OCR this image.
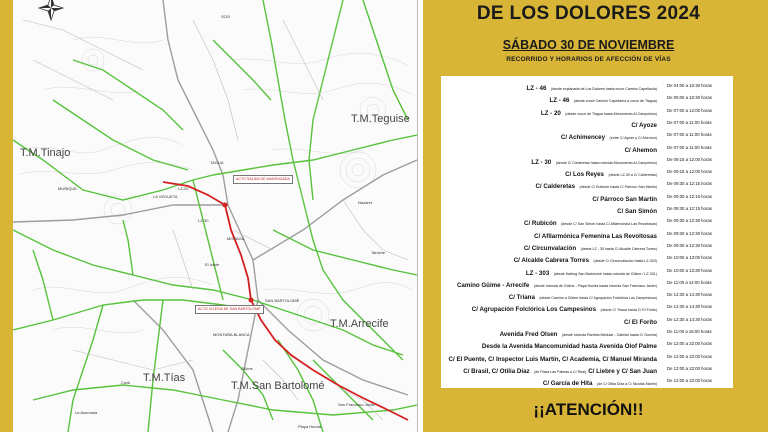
T.M.Tinajo
T.M.Teguise
T.M.Arrecife
T.M.Tías
T.M.San Bartolomé
TAGUA
LA VEGUETA
MOZAGA
SAN BARTOLOMÉ
MONTAÑA BLANCA
El Islote
Güime
Playa Honda
Conil
La Asomada
San Francisco Javier
MUÑIQUE
SOO
Nazaret
Tahíche
LZ-30
LZ-20
ACTO SALIDA DE MADRUGADA
ACTO IGLESIA DE SAN BARTOLOMÉ
DE LOS DOLORES 2024
SÁBADO 30 DE NOVIEMBRE
RECORRIDO Y HORARIOS DE AFECCIÓN DE VÍAS
LZ - 46 (desde explanada de Los Dolores hasta cruce Camino Capellanía)
De 04:00 a 10:30 horas
LZ - 46 (desde cruce Camino Capellanía a cruce de Tiagua)
De 05:00 a 10:30 horas
LZ - 20 (desde cruce de Tiagua hasta Monumento Al Campesino)
De 07:00 a 12:00 horas
C/ Ayoze De 07:00 a 11:00 horas
C/ Achimencey (entre C/ Ayoze y C/ Ahemon)
De 07:00 a 11:00 horas
C/ Ahemon De 07:00 a 11:00 horas
LZ - 30 (desde C/ Calderetas hasta rotonda Monumento Al Campesino)
De 09:15 a 12:00 horas
C/ Los Reyes (desde LZ-30 a C/ Calderetas)
De 09:15 a 12:00 horas
C/ Calderetas (desde C/ Rubicón hasta C/ Párroco San Martín)
De 09:30 a 12:15 horas
C/ Párroco San Martín De 09:30 a 12:15 horas
C/ San Simón De 09:30 a 12:15 horas
C/ Rubicón (desde C/ San Simón hasta C/ Afilarmónica Las Revoltosas)
De 09:30 a 12:30 horas
C/ Afilarmónica Femenina Las Revoltosas De 09:30 a 12:30 horas
C/ Circunvalación (desde LZ - 35 hasta C/ Alcalde Cabrera Torres)
De 09:30 a 12:30 horas
C/ Alcalde Cabrera Torres (desde C/ Circunvalación hasta LZ-303)
De 10:00 a 13:00 horas
LZ - 303 (desde Karting San Bartolomé hasta rotonda de Güime / LZ-301)
De 10:00 a 13:30 horas
Camino Güime - Arrecife (desde rotonda de Güime - Playa Honda hasta rotonda San Francisco Javier)
De 11:00 a 14:00 horas
C/ Triana (desde Camino a Güime hasta C/ Agrupación Folclórica Los Campesinos)
De 12:30 a 14:30 horas
C/ Agrupación Folclórica Los Campesinos (desde C/ Triana hasta C/ El Forito)
De 12:30 a 14:30 horas
C/ El Forito De 12:30 a 14:30 horas
Avenida Fred Olsen (desde rotonda Rambla Medular - Cabildo hasta C/ Guenia)
De 11:00 a 16:00 horas
Desde la Avenida Mancomunidad hasta Avenida Olof Palme De 12:00 a 22:00 horas
C/ El Puente, C/ Inspector Luis Martín, C/ Academia, C/ Manuel Miranda De 12:00 a 22:00 horas
C/ Brasil, C/ Otilia Díaz (de Plaza Las Palmas a C/ Real), C/ Liebre y C/ San Juan De 12:00 a 22:00 horas
C/ García de Hita (de C/ Otilia Díaz a C/ Nicolás Martín)
De 12:00 a 22:00 horas
¡¡ATENCIÓN!!
